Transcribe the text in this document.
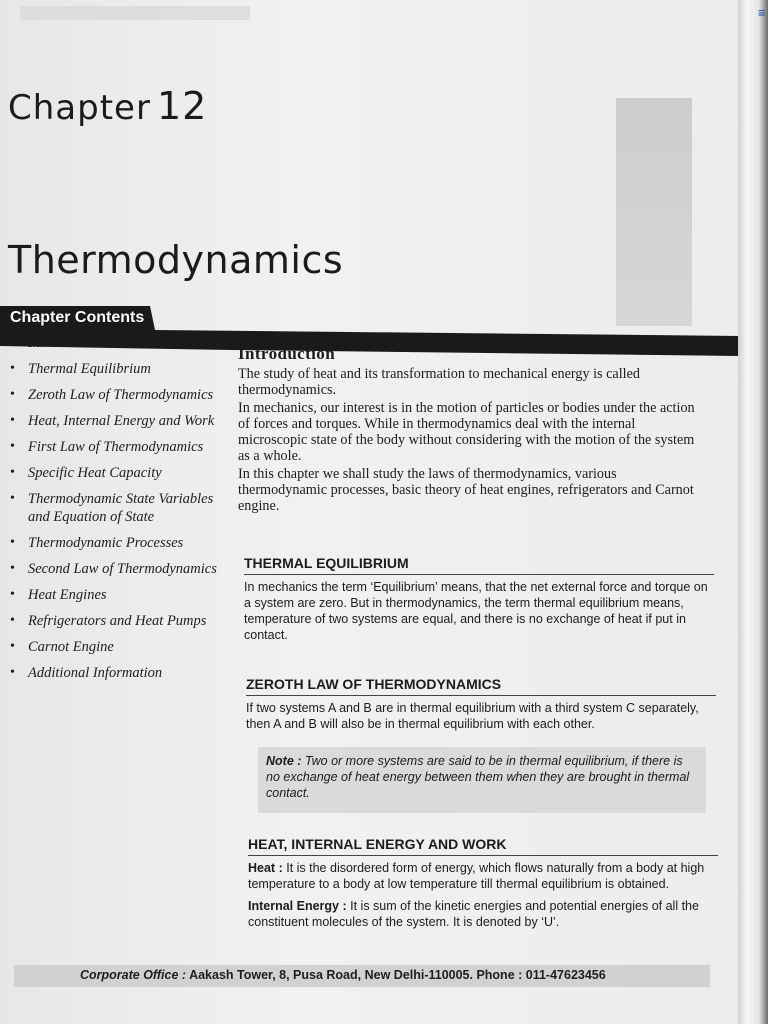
Chapter 12
Thermodynamics
Chapter Contents
• Introduction
• Thermal Equilibrium
• Zeroth Law of Thermodynamics
• Heat, Internal Energy and Work
• First Law of Thermodynamics
• Specific Heat Capacity
• Thermodynamic State Variables and Equation of State
• Thermodynamic Processes
• Second Law of Thermodynamics
• Heat Engines
• Refrigerators and Heat Pumps
• Carnot Engine
• Additional Information
Introduction

The study of heat and its transformation to mechanical energy is called thermodynamics.

In mechanics, our interest is in the motion of particles or bodies under the action of forces and torques. While in thermodynamics deal with the internal microscopic state of the body without considering with the motion of the system as a whole.

In this chapter we shall study the laws of thermodynamics, various thermodynamic processes, basic theory of heat engines, refrigerators and Carnot engine.

THERMAL EQUILIBRIUM
In mechanics the term ‘Equilibrium’ means, that the net external force and torque on a system are zero. But in thermodynamics, the term thermal equilibrium means, temperature of two systems are equal, and there is no exchange of heat if put in contact.
ZEROTH LAW OF THERMODYNAMICS
If two systems A and B are in thermal equilibrium with a third system C separately, then A and B will also be in thermal equilibrium with each other.
Note : Two or more systems are said to be in thermal equilibrium, if there is no exchange of heat energy between them when they are brought in thermal contact.
HEAT, INTERNAL ENERGY AND WORK

Heat : It is the disordered form of energy, which flows naturally from a body at high temperature to a body at low temperature till thermal equilibrium is obtained.

Internal Energy : It is sum of the kinetic energies and potential energies of all the constituent molecules of the system. It is denoted by ‘U’.

Corporate Office : Aakash Tower, 8, Pusa Road, New Delhi-110005. Phone : 011-47623456
≡
